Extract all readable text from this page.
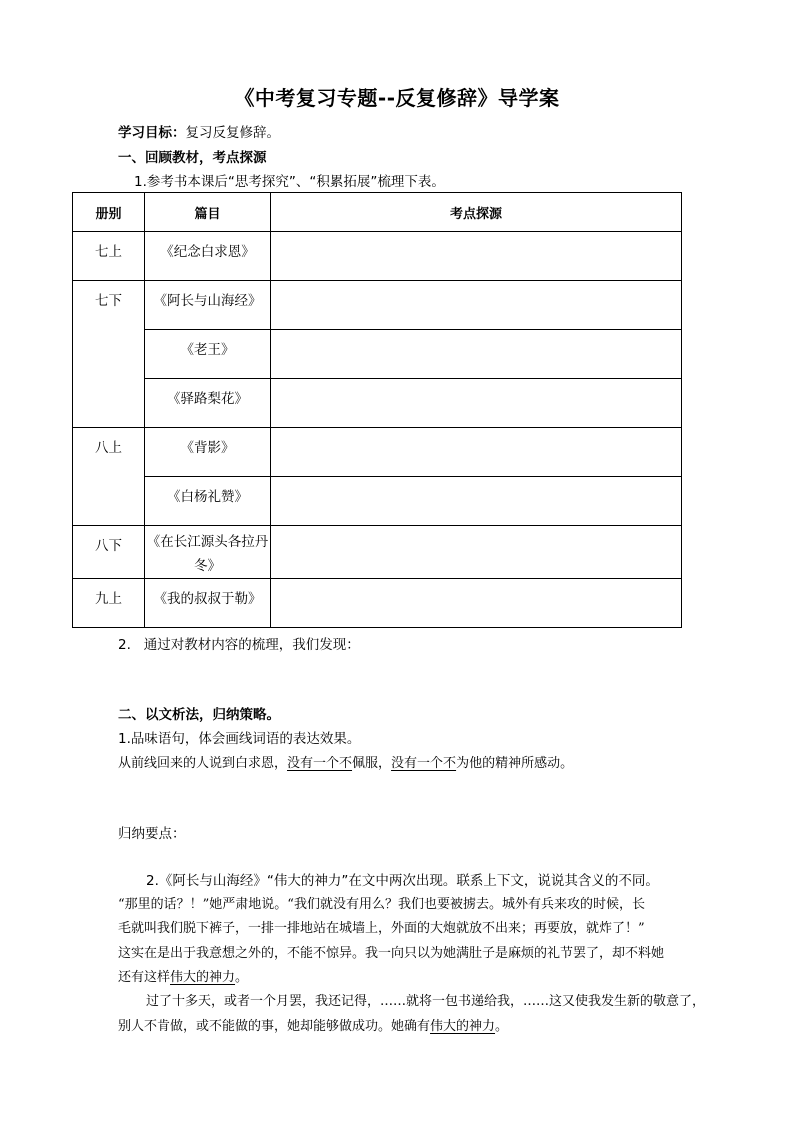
《中考复习专题--反复修辞》导学案
学习目标：复习反复修辞。
一、回顾教材，考点探源
1.参考书本课后“思考探究”、“积累拓展”梳理下表。
册别	篇目	考点探源
七上	《纪念白求恩》	
七下	《阿长与山海经》	
	《老王》	
	《驿路梨花》	
八上	《背影》	
	《白杨礼赞》	
八下	《在长江源头各拉丹冬》	
九上	《我的叔叔于勒》	
2.   通过对教材内容的梳理，我们发现：
二、以文析法，归纳策略。
1.品味语句，体会画线词语的表达效果。
从前线回来的人说到白求恩，没有一个不佩服，没有一个不为他的精神所感动。
归纳要点：
2.《阿长与山海经》“伟大的神力”在文中两次出现。联系上下文，说说其含义的不同。
“那里的话？！”她严肃地说。“我们就没有用么？我们也要被掳去。城外有兵来攻的时候，长
毛就叫我们脱下裤子，一排一排地站在城墙上，外面的大炮就放不出来；再要放，就炸了！”
这实在是出于我意想之外的，不能不惊异。我一向只以为她满肚子是麻烦的礼节罢了，却不料她
还有这样伟大的神力。
过了十多天，或者一个月罢，我还记得，……就将一包书递给我，……这又使我发生新的敬意了，
别人不肯做，或不能做的事，她却能够做成功。她确有伟大的神力。
